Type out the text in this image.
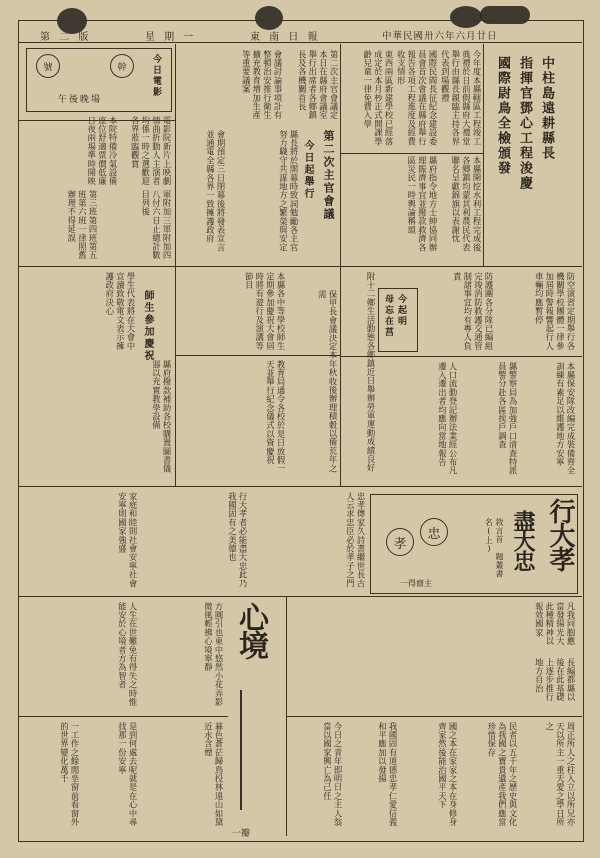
中華民國卅六年六月廿日
東 南 日 報
星 期 一
第 二 版
中柱島遠耕縣長
指揮官鄧心工程浚慶
國際尉鳥全檢頒發
今年度本縣轄區工程竣工典禮於日前假縣府大禮堂舉行由縣長親臨主持各界代表到場觀禮
國際民間長征紀念建設委員會首次會議在縣府舉行報告各項工程進度及經費收支情形
本縣開挖水利工程完成後各鄉鎮均蒙其利農民代表聯名呈獻錦旗以表謝忱
縣府指令地方士紳協同辦理賑濟事宜並撥款救濟各區災民一時輿論稱頌
東西兩區新建學校已經落成定於本月杪正式開課學齡兒童一律免費入學
第二次主官會議
今日起舉行
第二次主官會議定本日在縣府會議室舉行出席者各鄉鎮長及各機關首長
會議討論事項計有整頓治安推行衛生擴充教育增加生產等重要議案
縣長將於開幕時致詞勉勵各主官努力職守共謀地方之繁榮與安定
會期預定三日閉幕後將發表宣言並通電全縣各界一致擁護政府
號	幹	今日電影
午後晚場
電影院新片上映劇情曲折動人主演者均係一時之選歡迎各界蒞臨觀賞
本院特備冷氣設備座位舒適票價低廉日夜兩場準時開映
軍附加三軍附加四八付六日止總計數目列後
第三班第四班第五班第六班一律照舊辦理不得延誤
防空演習定期舉行各機關學校團體一律參加屆時警報響起行人車輛均應暫停
防護團各分隊已編組完竣消防救護交通管制諸事宜均有專人負責
本縣保安隊改編完成裝備齊全訓練有素足以維護地方安寧
縣警察局為加強戶口清查特派員警分赴各區挨戶調查
人口流動登記辦法業經公布凡遷入遷出者均應向當地報告
今起明
母忘在莒
附十二鄉生活動態各鄉鎮近日舉辦勞軍運動成績良好
保甲長會議決定本年秋收後辦理積穀以備荒年之需
師生參加慶祝	本縣各中等學校師生定期參加慶祝大會屆時將有遊行及演講等節目
教育局通令各校於是日放假一天並舉行紀念儀式以資慶祝
學生代表將在大會中宣讀致敬電文表示擁護政府決心
縣府撥款補助各校購置圖書儀器以充實教學設備
行大孝
盡大忠
敘言首 題叢書 名(上)
孝
忠
一得齋主
忠孝傳家久詩書繼世長古人云求忠臣必於孝子之門
行大孝者必能盡大忠此乃我國固有之美德也
家庭和睦則社會安寧社會安寧則國家強盛
凡我同胞應當發揚光大此種精神以報效國家
長編都縣以後在此基礎上逐步推行地方自治
心境
一瓣
方圓引也東中悠然小花弄影微風輕拂心境寧靜
人生在世難免有得失之時惟能安於心境者方為智者
暮色蒼茫歸鳥投林遠山如黛近水含煙
是到何處去呢就是在心中尋找那一份安寧
一工作之餘閒坐窗前看窗外的世界變化萬千	周正所人之柱入立以所兄亦天以所主一重天愛之學日所之
民者以五千年之歷史與文化為我國之寶貴遺產我們應當珍惜保存
國之本在家家之本在身修身齊家然後能治國平天下
我國固有道德忠孝仁愛信義和平應加以發揚
今日之青年即明日之主人翁當以國家興亡為己任
